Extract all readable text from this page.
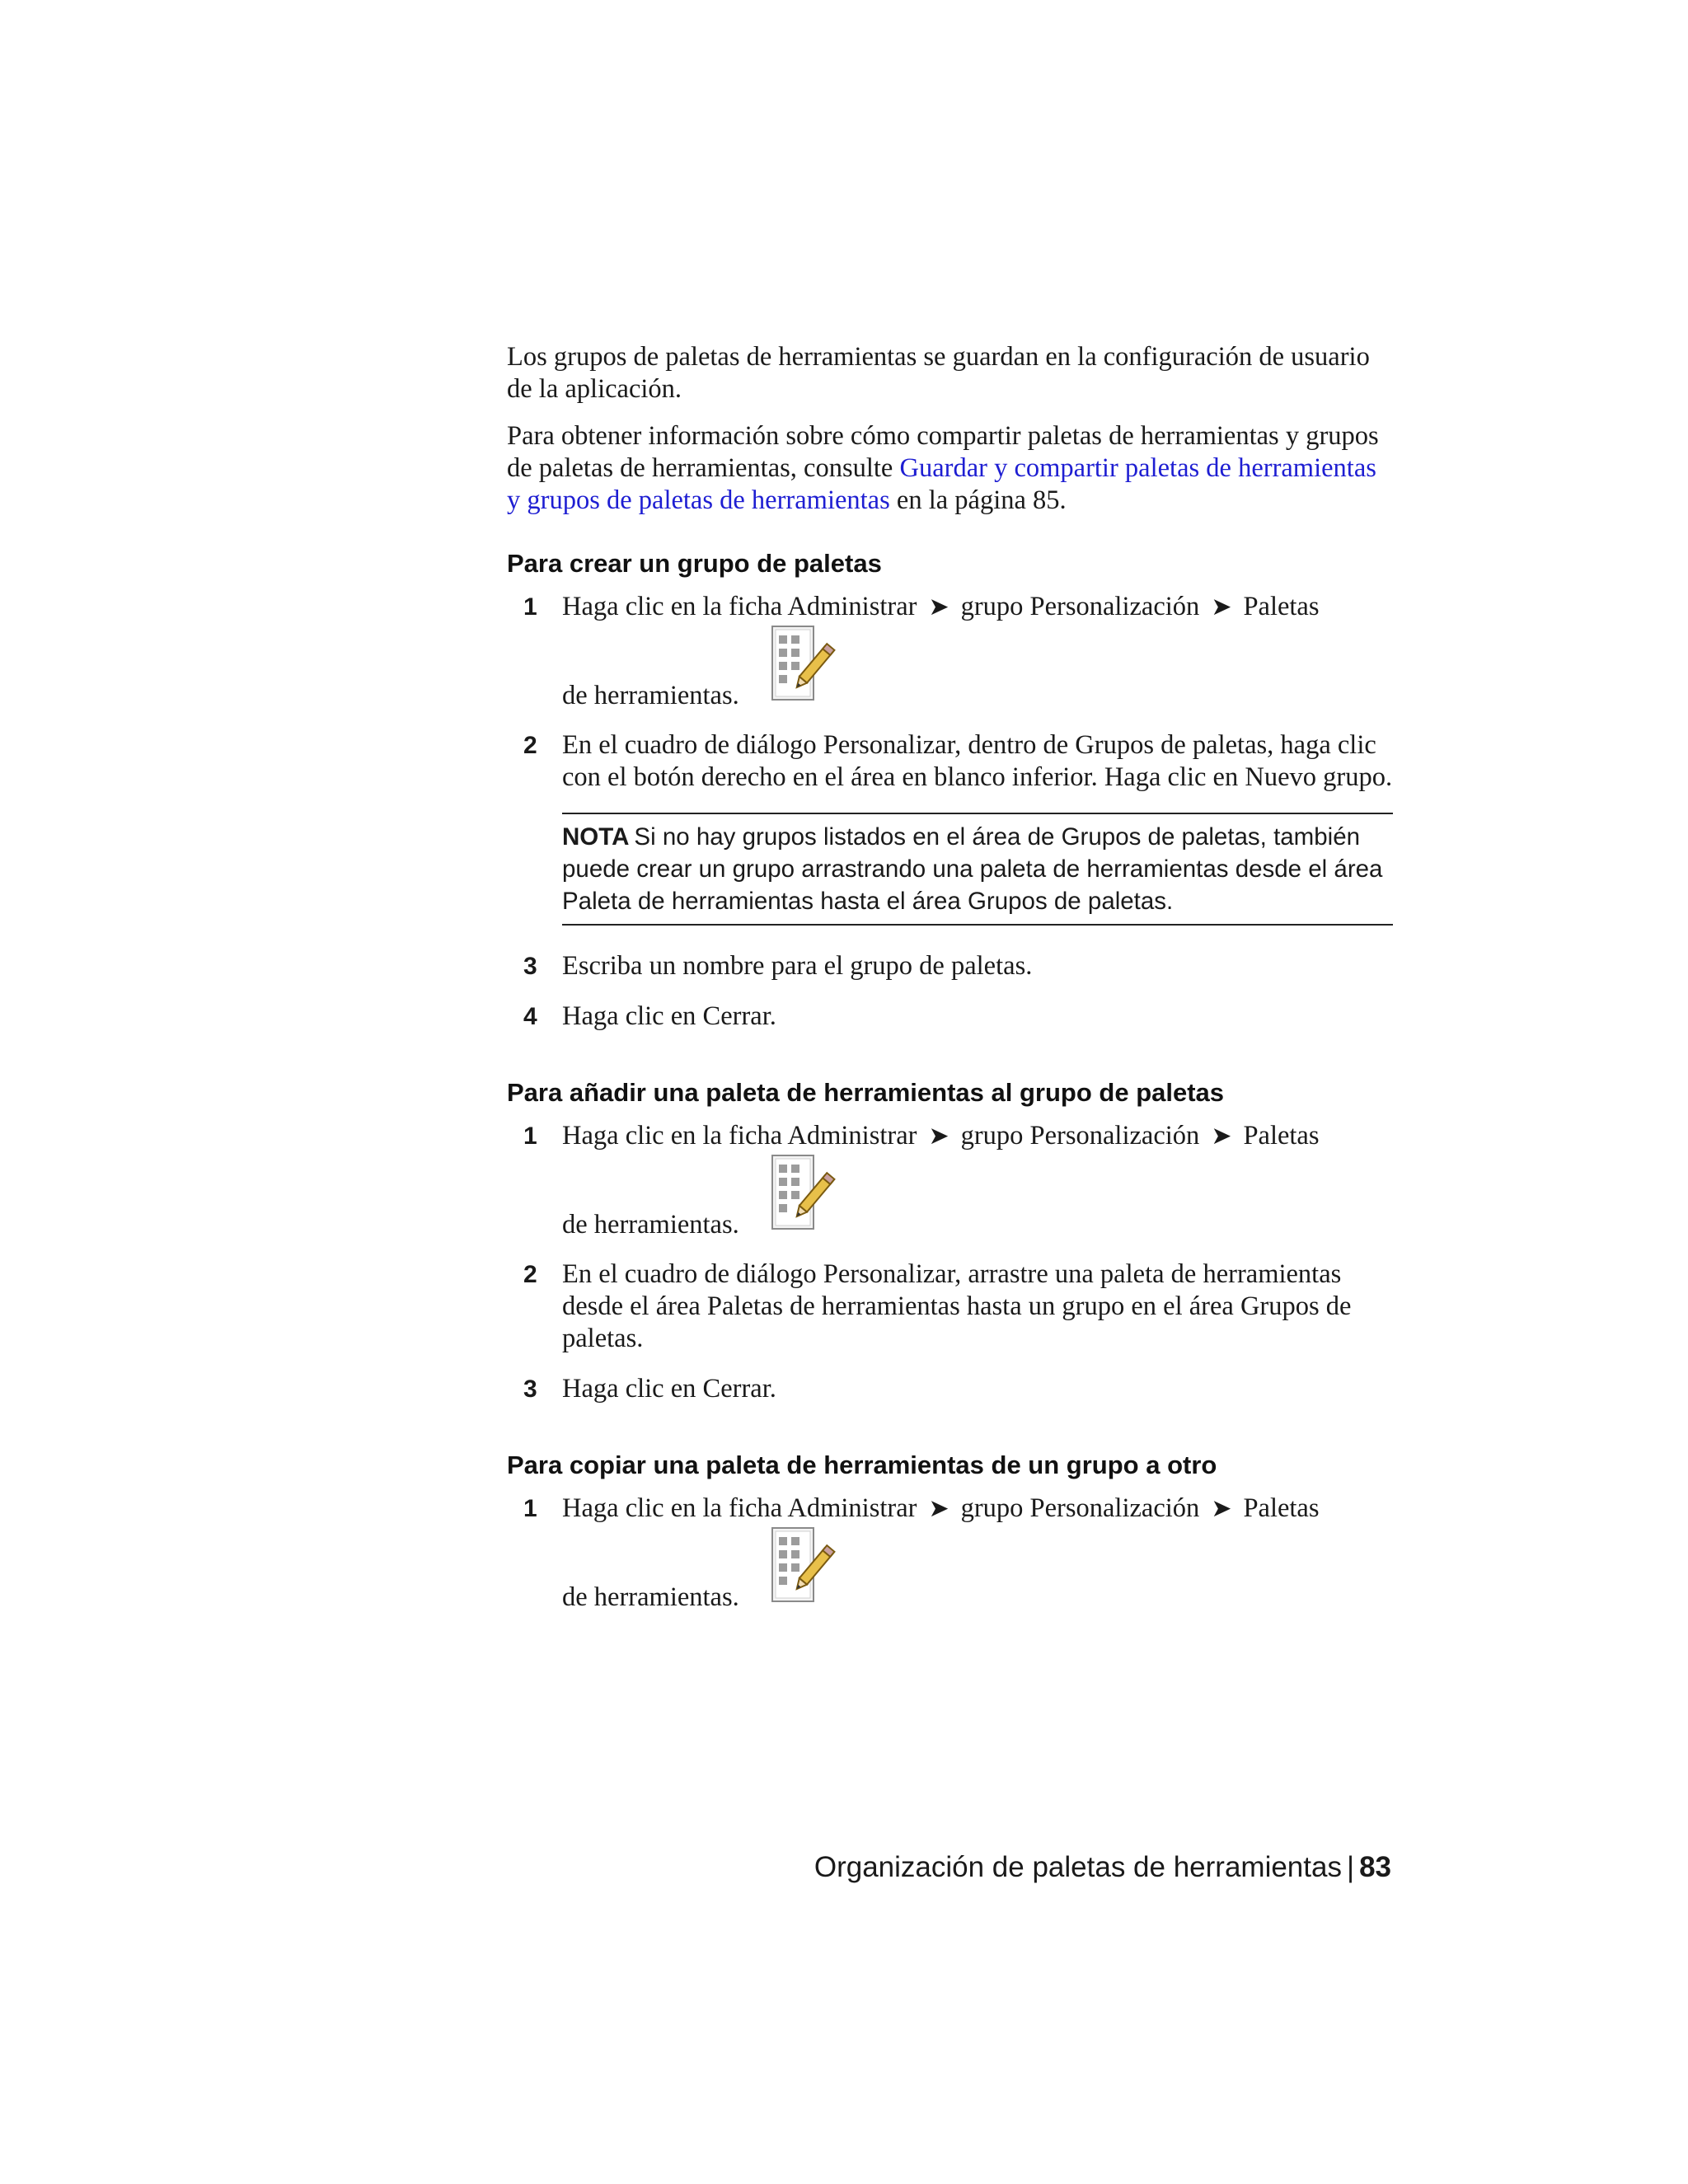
Los grupos de paletas de herramientas se guardan en la configuración de usuario de la aplicación.

Para obtener información sobre cómo compartir paletas de herramientas y grupos de paletas de herramientas, consulte Guardar y compartir paletas de herramientas y grupos de paletas de herramientas en la página 85.

Para crear un grupo de paletas
1 Haga clic en la ficha Administrar ➤ grupo Personalización ➤ Paletas
de herramientas.
2 En el cuadro de diálogo Personalizar, dentro de Grupos de paletas, haga clic con el botón derecho en el área en blanco inferior. Haga clic en Nuevo grupo.
NOTA Si no hay grupos listados en el área de Grupos de paletas, también puede crear un grupo arrastrando una paleta de herramientas desde el área Paleta de herramientas hasta el área Grupos de paletas.
3 Escriba un nombre para el grupo de paletas.
4 Haga clic en Cerrar.
Para añadir una paleta de herramientas al grupo de paletas
1 Haga clic en la ficha Administrar ➤ grupo Personalización ➤ Paletas
de herramientas.
2 En el cuadro de diálogo Personalizar, arrastre una paleta de herramientas desde el área Paletas de herramientas hasta un grupo en el área Grupos de paletas.
3 Haga clic en Cerrar.
Para copiar una paleta de herramientas de un grupo a otro
1 Haga clic en la ficha Administrar ➤ grupo Personalización ➤ Paletas
de herramientas.
Organización de paletas de herramientas | 83
